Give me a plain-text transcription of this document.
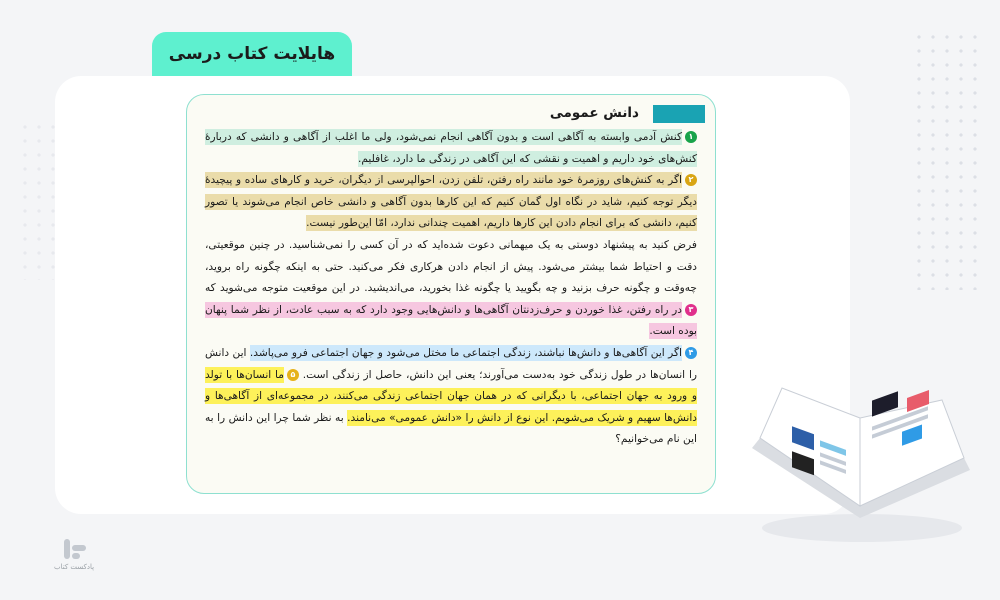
هایلایت کتاب درسی
دانش عمومی

۱کنش آدمی وابسته به آگاهی است و بدون آگاهی انجام نمی‌شود، ولی ما اغلب از آگاهی و دانشی که دربارهٔ کنش‌های خود داریم و اهمیت و نقشی که این آگاهی در زندگی ما دارد، غافلیم.

۲اگر به کنش‌های روزمرهٔ خود مانند راه رفتن، تلفن زدن، احوالپرسی از دیگران، خرید و کارهای ساده و پیچیدهٔ دیگر توجه کنیم، شاید در نگاه اول گمان کنیم که این کارها بدون آگاهی و دانشی خاص انجام می‌شوند یا تصور کنیم، دانشی که برای انجام دادن این کارها داریم، اهمیت چندانی ندارد، امّا این‌طور نیست.

فرض کنید به پیشنهاد دوستی به یک میهمانی دعوت شده‌اید که در آن کسی را نمی‌شناسید. در چنین موقعیتی، دقت و احتیاط شما بیشتر می‌شود. پیش از انجام دادن هرکاری فکر می‌کنید. حتی به اینکه چگونه راه بروید، چه‌وقت و چگونه حرف بزنید و چه بگویید یا چگونه غذا بخورید، می‌اندیشید. در این موقعیت متوجه می‌شوید که ۳در راه رفتن، غذا خوردن و حرف‌زدنتان آگاهی‌ها و دانش‌هایی وجود دارد که به سبب عادت، از نظر شما پنهان بوده است.

۴اگر این آگاهی‌ها و دانش‌ها نباشند، زندگی اجتماعی ما مختل می‌شود و جهان اجتماعی فرو می‌پاشد. این دانش را انسان‌ها در طول زندگی خود به‌دست می‌آورند؛ یعنی این دانش، حاصل از زندگی است. ۵ما انسان‌ها با تولد و ورود به جهان اجتماعی، با دیگرانی که در همان جهان اجتماعی زندگی می‌کنند، در مجموعه‌ای از آگاهی‌ها و دانش‌ها سهیم و شریک می‌شویم. این نوع از دانش را «دانش عمومی» می‌نامند. به نظر شما چرا این دانش را به این نام می‌خوانیم؟

پادکست کتاب
